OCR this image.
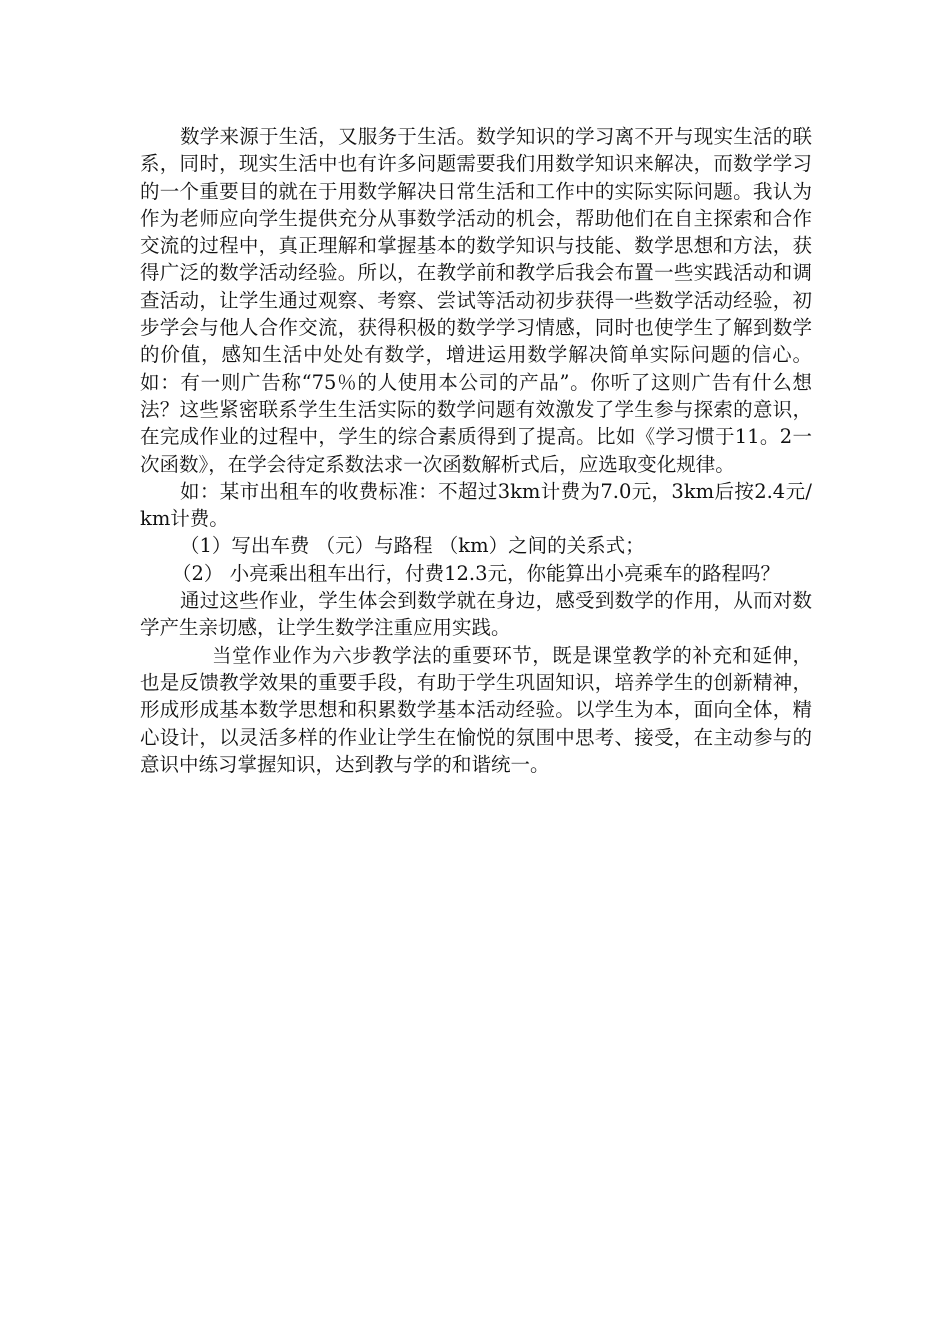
数学来源于生活，又服务于生活。数学知识的学习离不开与现实生活的联系，同时，现实生活中也有许多问题需要我们用数学知识来解决，而数学学习的一个重要目的就在于用数学解决日常生活和工作中的实际实际问题。我认为作为老师应向学生提供充分从事数学活动的机会，帮助他们在自主探索和合作交流的过程中，真正理解和掌握基本的数学知识与技能、数学思想和方法，获得广泛的数学活动经验。所以，在教学前和教学后我会布置一些实践活动和调查活动，让学生通过观察、考察、尝试等活动初步获得一些数学活动经验，初步学会与他人合作交流，获得积极的数学学习情感，同时也使学生了解到数学的价值，感知生活中处处有数学，增进运用数学解决简单实际问题的信心。如：有一则广告称“75％的人使用本公司的产品”。你听了这则广告有什么想法？这些紧密联系学生生活实际的数学问题有效激发了学生参与探索的意识，在完成作业的过程中，学生的综合素质得到了提高。比如《学习惯于11。2一次函数》，在学会待定系数法求一次函数解析式后，应选取变化规律。

如：某市出租车的收费标准：不超过3km计费为7.0元，3km后按2.4元/km计费。

（1）写出车费 （元）与路程 （km）之间的关系式；

（2） 小亮乘出租车出行，付费12.3元，你能算出小亮乘车的路程吗？

通过这些作业，学生体会到数学就在身边，感受到数学的作用，从而对数学产生亲切感，让学生数学注重应用实践。

当堂作业作为六步教学法的重要环节，既是课堂教学的补充和延伸，也是反馈教学效果的重要手段，有助于学生巩固知识，培养学生的创新精神，形成形成基本数学思想和积累数学基本活动经验。以学生为本，面向全体，精心设计，以灵活多样的作业让学生在愉悦的氛围中思考、接受，在主动参与的意识中练习掌握知识，达到教与学的和谐统一。
